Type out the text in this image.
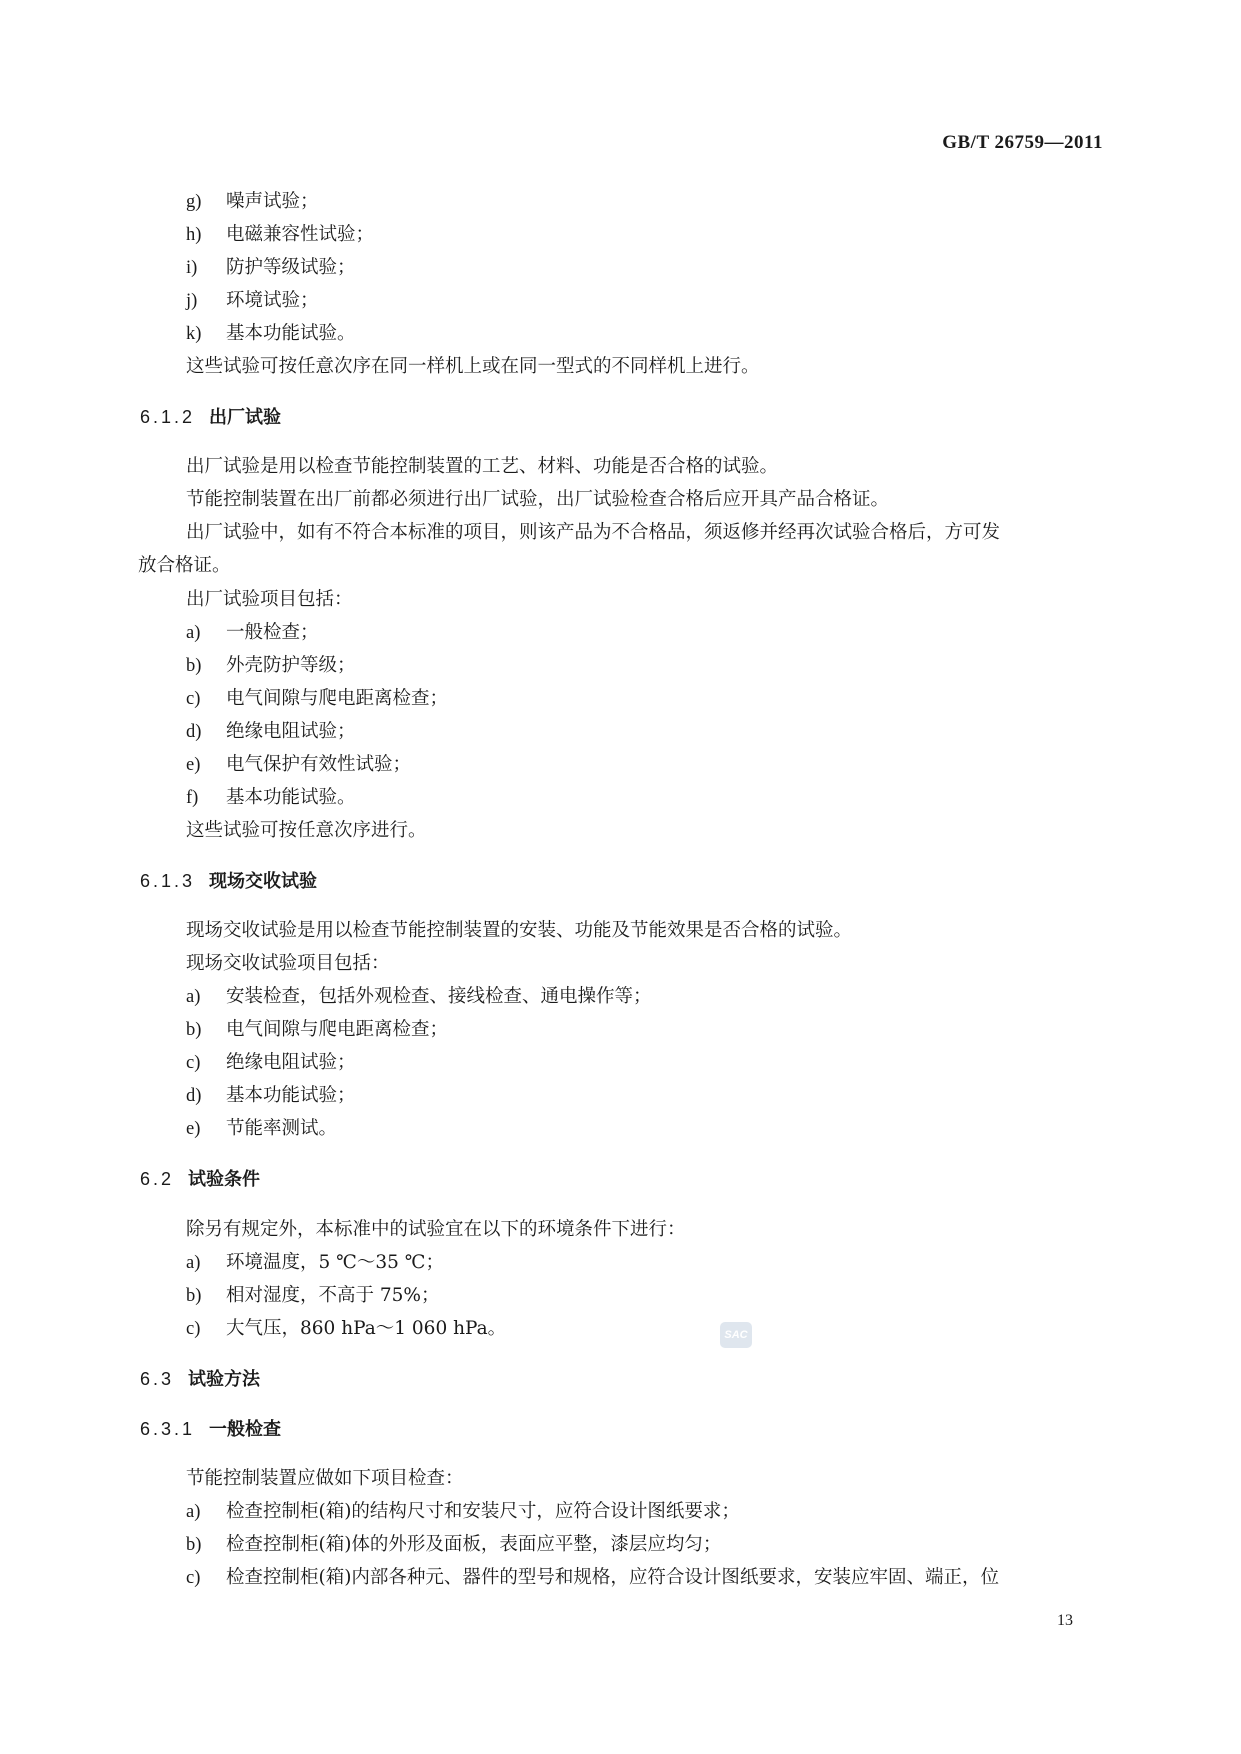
GB/T 26759—2011
g) 噪声试验；
h) 电磁兼容性试验；
i) 防护等级试验；
j) 环境试验；
k) 基本功能试验。
这些试验可按任意次序在同一样机上或在同一型式的不同样机上进行。
6.1.2 出厂试验
出厂试验是用以检查节能控制装置的工艺、材料、功能是否合格的试验。
节能控制装置在出厂前都必须进行出厂试验，出厂试验检查合格后应开具产品合格证。
出厂试验中，如有不符合本标准的项目，则该产品为不合格品，须返修并经再次试验合格后，方可发
放合格证。
出厂试验项目包括：
a) 一般检查；
b) 外壳防护等级；
c) 电气间隙与爬电距离检查；
d) 绝缘电阻试验；
e) 电气保护有效性试验；
f) 基本功能试验。
这些试验可按任意次序进行。
6.1.3 现场交收试验
现场交收试验是用以检查节能控制装置的安装、功能及节能效果是否合格的试验。
现场交收试验项目包括：
a) 安装检查，包括外观检查、接线检查、通电操作等；
b) 电气间隙与爬电距离检查；
c) 绝缘电阻试验；
d) 基本功能试验；
e) 节能率测试。
6.2 试验条件
除另有规定外，本标准中的试验宜在以下的环境条件下进行：
a) 环境温度，5 ℃～35 ℃；
b) 相对湿度，不高于 75%；
c) 大气压，860 hPa～1 060 hPa。	SAC
6.3 试验方法
6.3.1 一般检查
节能控制装置应做如下项目检查：
a) 检查控制柜(箱)的结构尺寸和安装尺寸，应符合设计图纸要求；
b) 检查控制柜(箱)体的外形及面板，表面应平整，漆层应均匀；
c) 检查控制柜(箱)内部各种元、器件的型号和规格，应符合设计图纸要求，安装应牢固、端正，位
13
